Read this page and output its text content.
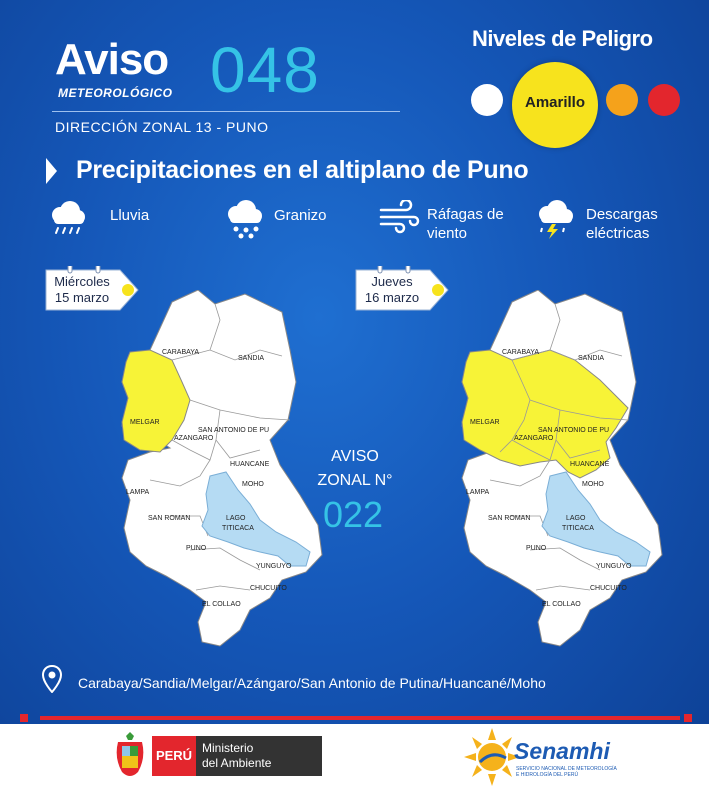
Aviso
METEOROLÓGICO 048
DIRECCIÓN ZONAL 13 - PUNO
Niveles de Peligro
Amarillo
Precipitaciones en el altiplano de Puno
Lluvia	Granizo	Ráfagas de
viento
Descargas
eléctricas
Miércoles
15 marzo
Jueves
16 marzo
CARABAYA
SANDIA
MELGAR
AZANGARO
SAN ANTONIO DE PU
HUANCANE
MOHO
LAMPA
SAN ROMAN	LAGO
TITICACA
PUNO
YUNGUYO
CHUCUITO
EL COLLAO
AVISO
ZONAL N°
022
CARABAYA
SANDIA
MELGAR
AZANGARO
SAN ANTONIO DE PU
HUANCANE
MOHO
LAMPA
SAN ROMAN	LAGO
TITICACA
PUNO
YUNGUYO
CHUCUITO
EL COLLAO
Carabaya/Sandia/Melgar/Azángaro/San Antonio de Putina/Huancané/Moho
PERÚ Ministerio
del Ambiente	Senamhi
SERVICIO NACIONAL DE METEOROLOGÍA
E HIDROLOGÍA DEL PERÚ
